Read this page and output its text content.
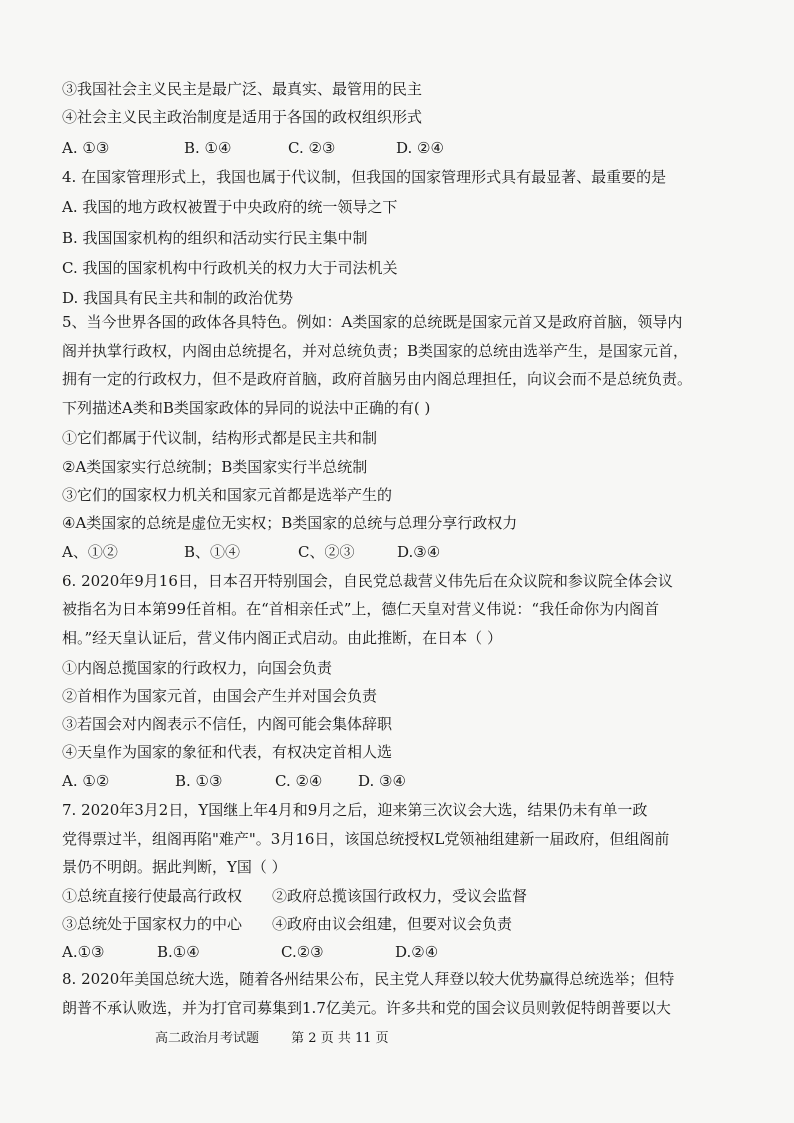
③我国社会主义民主是最广泛、最真实、最管用的民主
④社会主义民主政治制度是适用于各国的政权组织形式
A. ①③	B. ①④	C. ②③	D. ②④
4. 在国家管理形式上，我国也属于代议制，但我国的国家管理形式具有最显著、最重要的是
A. 我国的地方政权被置于中央政府的统一领导之下
B. 我国国家机构的组织和活动实行民主集中制
C. 我国的国家机构中行政机关的权力大于司法机关
D. 我国具有民主共和制的政治优势
5、当今世界各国的政体各具特色。例如：A类国家的总统既是国家元首又是政府首脑，领导内
阁并执掌行政权，内阁由总统提名，并对总统负责；B类国家的总统由选举产生，是国家元首，
拥有一定的行政权力，但不是政府首脑，政府首脑另由内阁总理担任，向议会而不是总统负责。
下列描述A类和B类国家政体的异同的说法中正确的有( )
①它们都属于代议制，结构形式都是民主共和制
②A类国家实行总统制；B类国家实行半总统制
③它们的国家权力机关和国家元首都是选举产生的
④A类国家的总统是虚位无实权；B类国家的总统与总理分享行政权力
A、①②	B、①④	C、②③	D.③④
6. 2020年9月16日，日本召开特别国会，自民党总裁营义伟先后在众议院和参议院全体会议
被指名为日本第99任首相。在“首相亲任式”上，德仁天皇对营义伟说：“我任命你为内阁首
相。”经天皇认证后，营义伟内阁正式启动。由此推断，在日本（ ）
①内阁总揽国家的行政权力，向国会负责
②首相作为国家元首，由国会产生并对国会负责
③若国会对内阁表示不信任，内阁可能会集体辞职
④天皇作为国家的象征和代表，有权决定首相人选
A. ①②	B. ①③	C. ②④	D. ③④
7. 2020年3月2日，Y国继上年4月和9月之后，迎来第三次议会大选，结果仍未有单一政
党得票过半，组阁再陷"难产"。3月16日，该国总统授权L党领袖组建新一届政府，但组阁前
景仍不明朗。据此判断，Y国（ ）
①总统直接行使最高行政权	②政府总揽该国行政权力，受议会监督
③总统处于国家权力的中心	④政府由议会组建，但要对议会负责
A.①③	B.①④	C.②③	D.②④
8. 2020年美国总统大选，随着各州结果公布，民主党人拜登以较大优势赢得总统选举；但特
朗普不承认败选，并为打官司募集到1.7亿美元。许多共和党的国会议员则敦促特朗普要以大
高二政治月考试题 第 2 页 共 11 页
